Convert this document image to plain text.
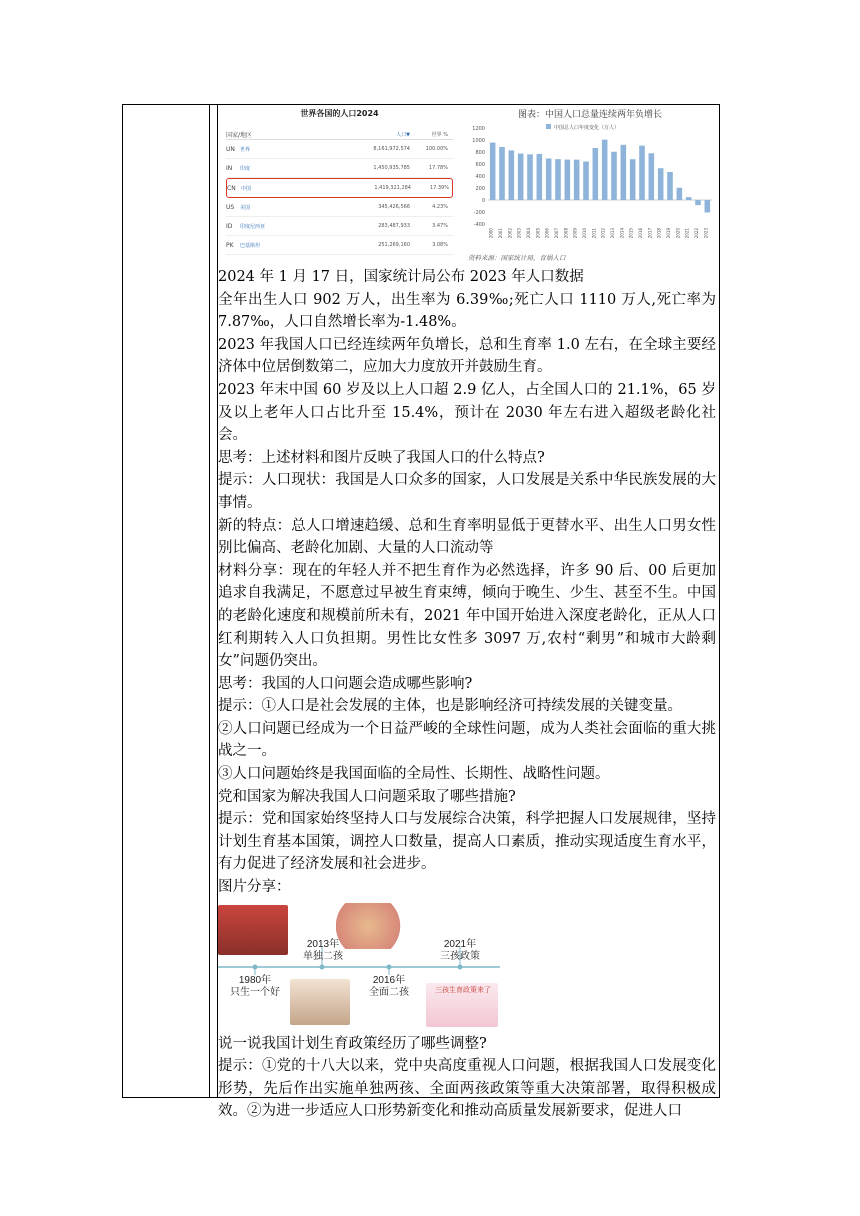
世界各国的人口2024
国家/地区	人口▼	世界 %
UN	世界	8,161,972,574	100.00%
IN	印度	1,450,935,785	17.78%
CN	中国	1,419,321,284	17.39%
US	美国	345,426,566	4.23%
ID	印度尼西亚	283,487,933	3.47%
PK	巴基斯坦	251,269,160	3.08%
图表：中国人口总量连续两年负增长
中国总人口年度变化（万人）
1200
1000
800
600
400
200
0
-200
-400
2000 2001 2002 2003 2004 2005 2006 2007 2008 2009 2010 2011 2012 2013 2014 2015 2016 2017 2018 2019 2020 2021 2022 2023
资料来源：国家统计局，育娲人口

2024 年 1 月 17 日，国家统计局公布 2023 年人口数据

全年出生人口 902 万人，出生率为 6.39‰;死亡人口 1110 万人,死亡率为 7.87‰，人口自然增长率为-1.48%。

2023 年我国人口已经连续两年负增长，总和生育率 1.0 左右，在全球主要经济体中位居倒数第二，应加大力度放开并鼓励生育。

2023 年末中国 60 岁及以上人口超 2.9 亿人，占全国人口的 21.1%，65 岁及以上老年人口占比升至 15.4%，预计在 2030 年左右进入超级老龄化社会。

思考：上述材料和图片反映了我国人口的什么特点?

提示：人口现状：我国是人口众多的国家，人口发展是关系中华民族发展的大事情。

新的特点：总人口增速趋缓、总和生育率明显低于更替水平、出生人口男女性别比偏高、老龄化加剧、大量的人口流动等

材料分享：现在的年轻人并不把生育作为必然选择，许多 90 后、00 后更加追求自我满足，不愿意过早被生育束缚，倾向于晚生、少生、甚至不生。中国的老龄化速度和规模前所未有，2021 年中国开始进入深度老龄化，正从人口红利期转入人口负担期。男性比女性多 3097 万,农村“剩男”和城市大龄剩女”问题仍突出。

思考：我国的人口问题会造成哪些影响?

提示：①人口是社会发展的主体，也是影响经济可持续发展的关键变量。

②人口问题已经成为一个日益严峻的全球性问题，成为人类社会面临的重大挑战之一。

③人口问题始终是我国面临的全局性、长期性、战略性问题。

党和国家为解决我国人口问题采取了哪些措施?

提示：党和国家始终坚持人口与发展综合决策，科学把握人口发展规律，坚持计划生育基本国策，调控人口数量，提高人口素质，推动实现适度生育水平，有力促进了经济发展和社会进步。

图片分享：

三孩生育政策来了
1980年
只生一个好
2013年
单独二孩
2016年
全面二孩
2021年
三孩政策

说一说我国计划生育政策经历了哪些调整?

提示：①党的十八大以来，党中央高度重视人口问题，根据我国人口发展变化形势，先后作出实施单独两孩、全面两孩政策等重大决策部署，取得积极成效。②为进一步适应人口形势新变化和推动高质量发展新要求，促进人口
